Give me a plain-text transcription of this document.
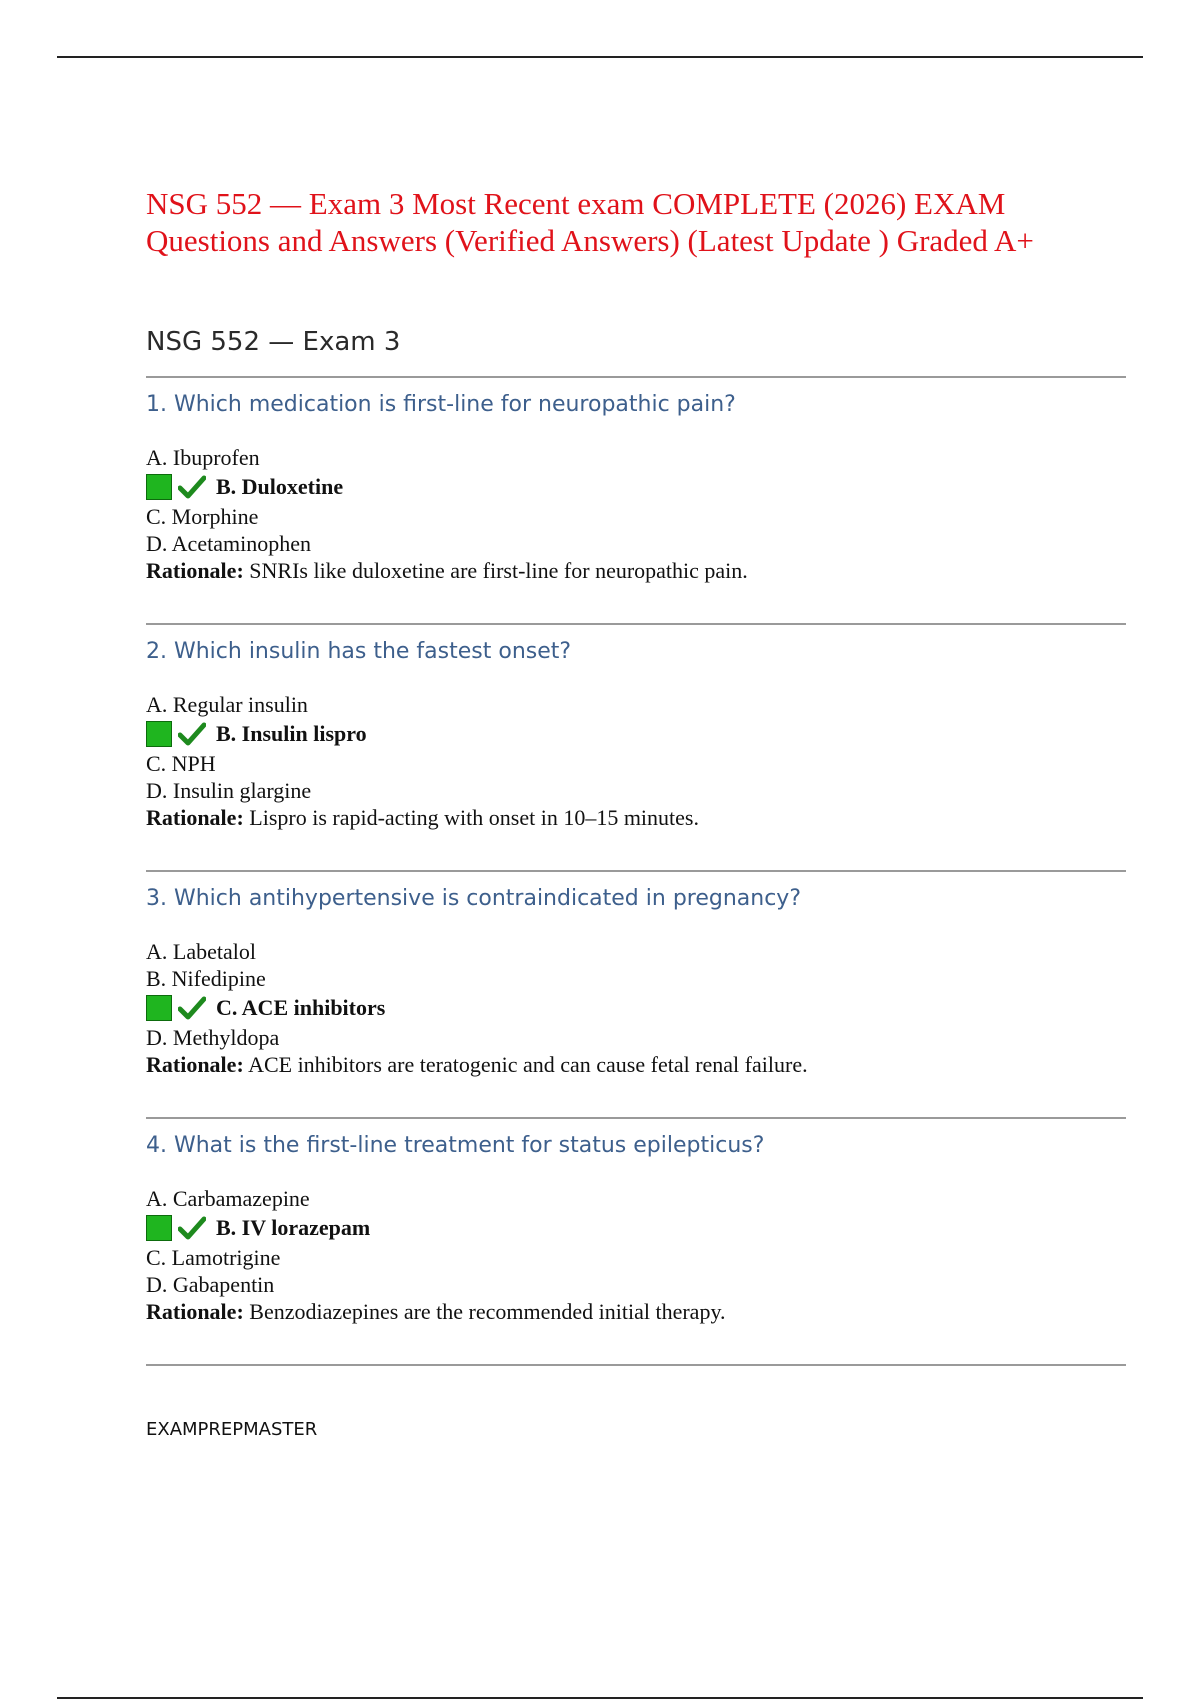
NSG 552 — Exam 3 Most Recent exam COMPLETE (2026) EXAM Questions and Answers (Verified Answers) (Latest Update ) Graded A+
NSG 552 — Exam 3
1. Which medication is first-line for neuropathic pain?
A. Ibuprofen
B. Duloxetine
C. Morphine
D. Acetaminophen
Rationale: SNRIs like duloxetine are first-line for neuropathic pain.
2. Which insulin has the fastest onset?
A. Regular insulin
B. Insulin lispro
C. NPH
D. Insulin glargine
Rationale: Lispro is rapid-acting with onset in 10–15 minutes.
3. Which antihypertensive is contraindicated in pregnancy?
A. Labetalol
B. Nifedipine
C. ACE inhibitors
D. Methyldopa
Rationale: ACE inhibitors are teratogenic and can cause fetal renal failure.
4. What is the first-line treatment for status epilepticus?
A. Carbamazepine
B. IV lorazepam
C. Lamotrigine
D. Gabapentin
Rationale: Benzodiazepines are the recommended initial therapy.
EXAMPREPMASTER
